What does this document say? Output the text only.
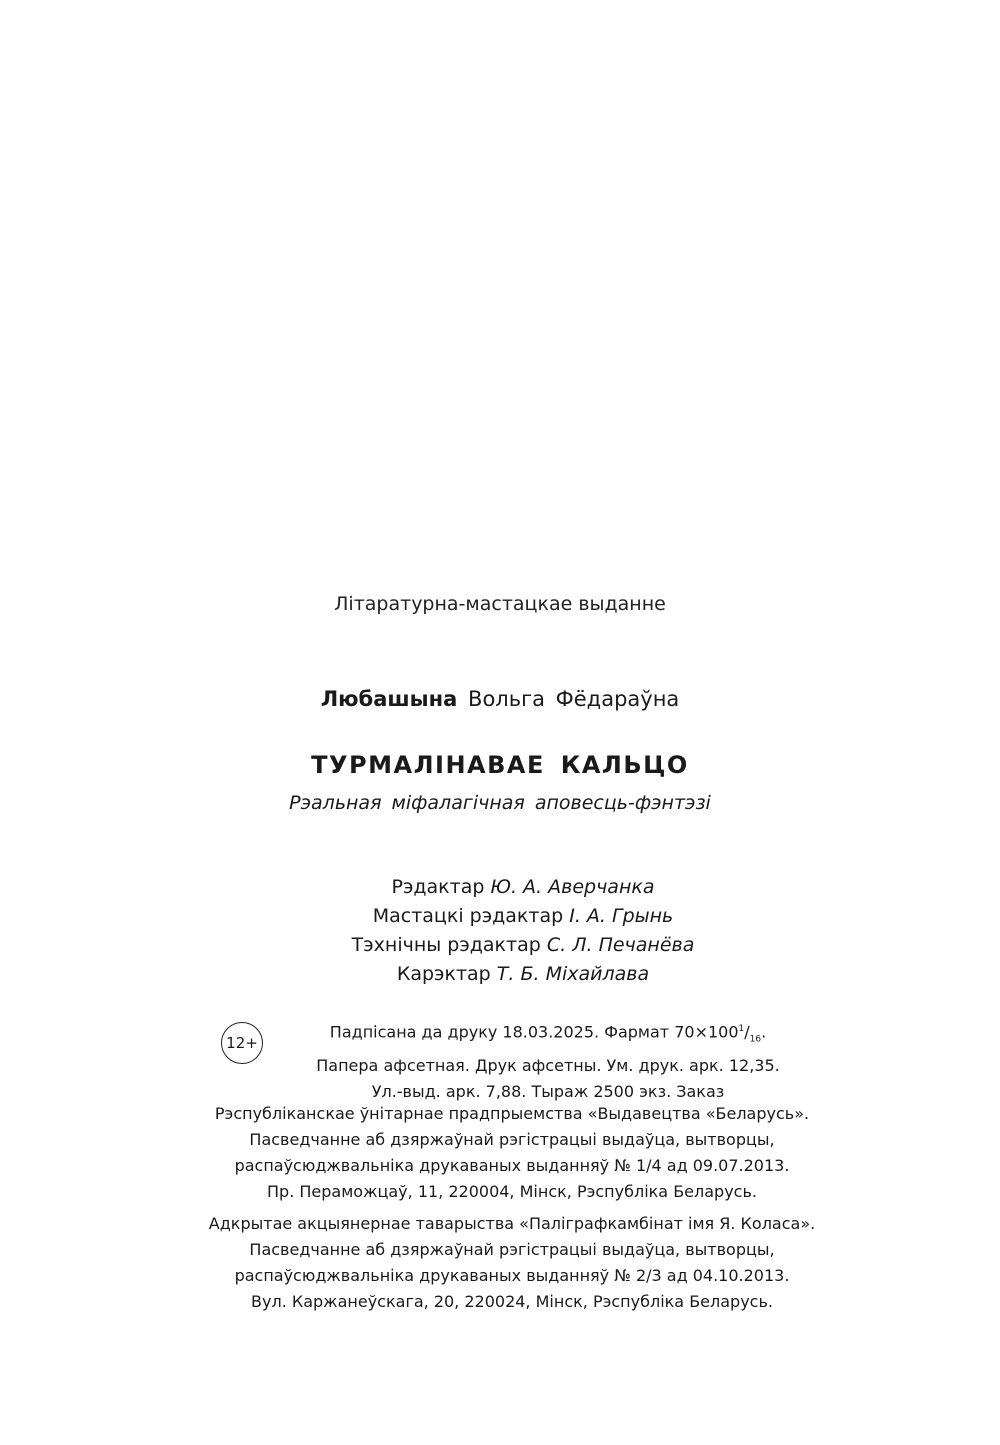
Літаратурна-мастацкае выданне
Любашына Вольга Фёдараўна
ТУРМАЛІНАВАЕ КАЛЬЦО
Рэальная міфалагічная аповесць-фэнтэзі
Рэдактар Ю. А. Аверчанка
Мастацкі рэдактар І. А. Грынь
Тэхнічны рэдактар С. Л. Печанёва
Карэктар Т. Б. Міхайлава
12+
Падпісана да друку 18.03.2025. Фармат $70\times 100^1/_{16}$.
Папера афсетная. Друк афсетны. Ум. друк. арк. 12,35.
Ул.-выд. арк. 7,88. Тыраж 2500 экз. Заказ
Рэспубліканскае ўнітарнае прадпрыемства «Выдавецтва «Беларусь».
Пасведчанне аб дзяржаўнай рэгістрацыі выдаўца, вытворцы,
распаўсюджвальніка друкаваных выданняў № 1/4 ад 09.07.2013.
Пр. Пераможцаў, 11, 220004, Мінск, Рэспубліка Беларусь.
Адкрытае акцыянернае таварыства «Паліграфкамбінат імя Я. Коласа».
Пасведчанне аб дзяржаўнай рэгістрацыі выдаўца, вытворцы,
распаўсюджвальніка друкаваных выданняў № 2/3 ад 04.10.2013.
Вул. Каржанеўскага, 20, 220024, Мінск, Рэспубліка Беларусь.
